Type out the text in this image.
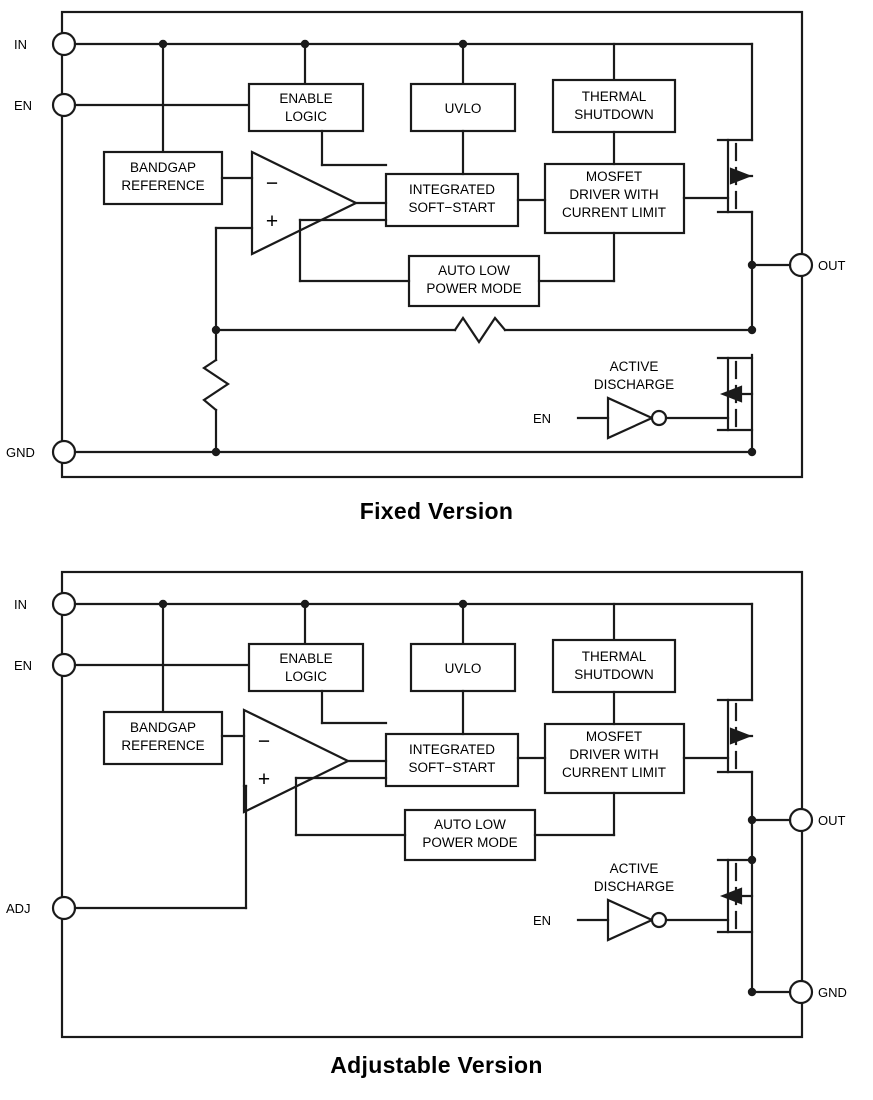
IN
EN
GND
OUT
EN
ENABLE
LOGIC
UVLO
THERMAL
SHUTDOWN
BANDGAP
REFERENCE	INTEGRATED
SOFT−START
MOSFET
DRIVER WITH
CURRENT LIMIT
AUTO LOW
POWER MODE
ACTIVE
DISCHARGE
−
+
Fixed Version
IN
EN
ADJ
OUT
GND
EN
ENABLE
LOGIC
UVLO
THERMAL
SHUTDOWN
BANDGAP
REFERENCE	INTEGRATED
SOFT−START
MOSFET
DRIVER WITH
CURRENT LIMIT
AUTO LOW
POWER MODE
ACTIVE
DISCHARGE
−
+
Adjustable Version
